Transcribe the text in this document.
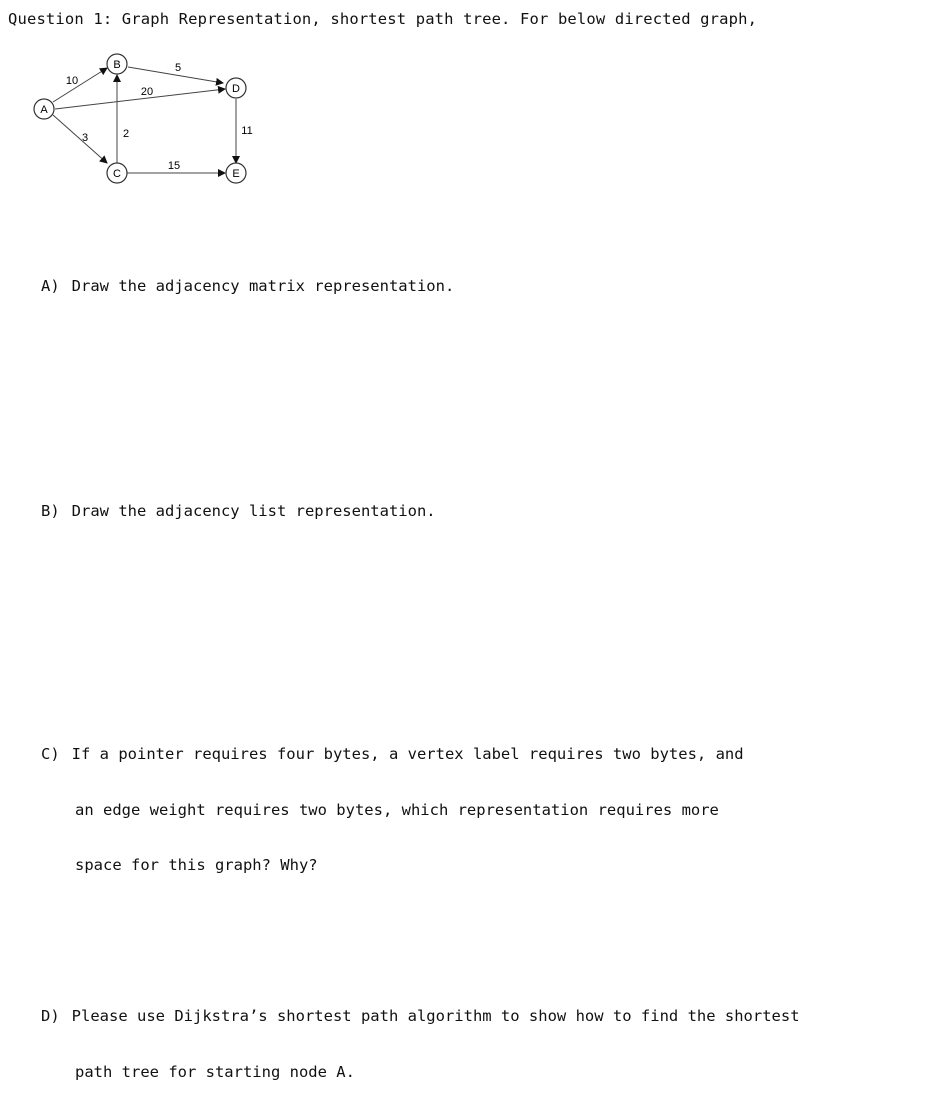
Question 1: Graph Representation, shortest path tree. For below directed graph,
A
B
C
D
E
10
3
20
5
2
15
11

A) Draw the adjacency matrix representation.

B) Draw the adjacency list representation.

C) If a pointer requires four bytes, a vertex label requires two bytes, and

an edge weight requires two bytes, which representation requires more

space for this graph? Why?

D) Please use Dijkstra’s shortest path algorithm to show how to find the shortest

path tree for starting node A.
